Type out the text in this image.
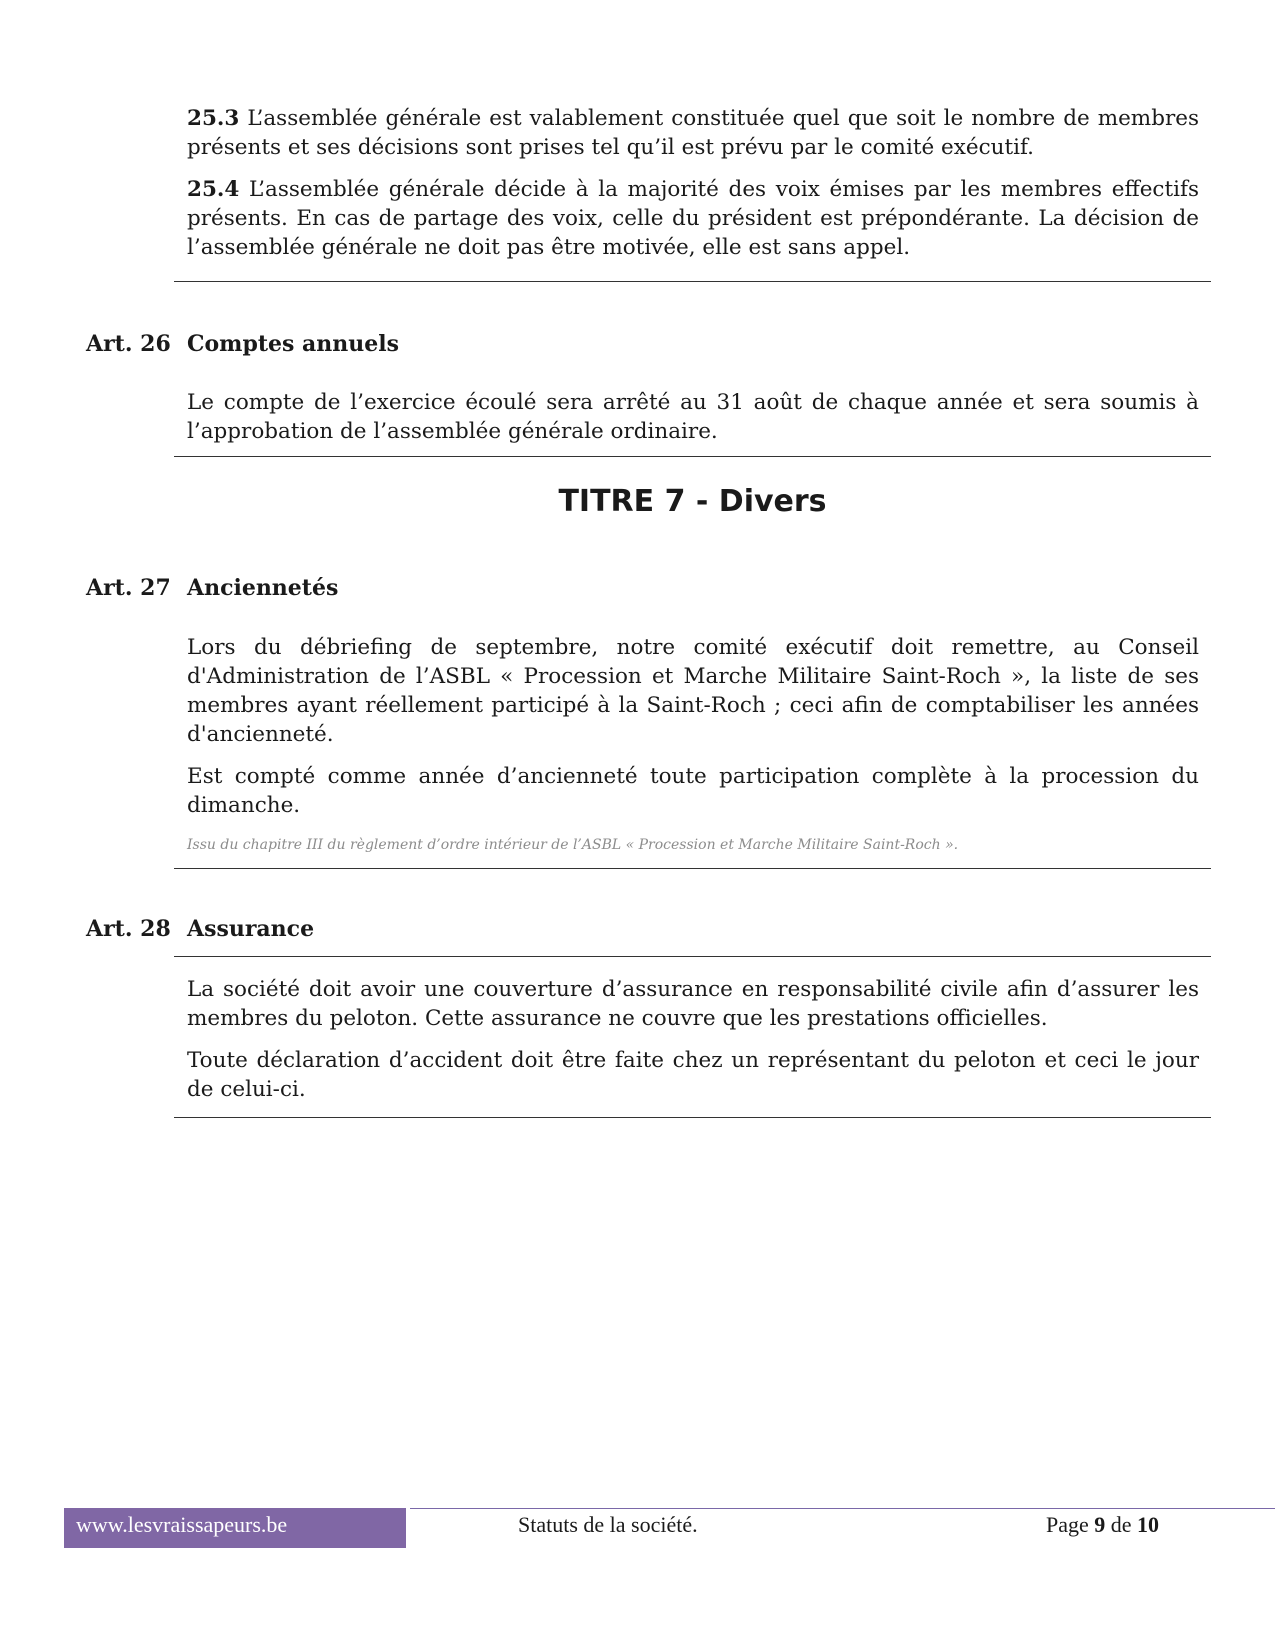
25.3 L’assemblée générale est valablement constituée quel que soit le nombre de membres présents et ses décisions sont prises tel qu’il est prévu par le comité exécutif.

25.4 L’assemblée générale décide à la majorité des voix émises par les membres effectifs présents. En cas de partage des voix, celle du président est prépondérante. La décision de l’assemblée générale ne doit pas être motivée, elle est sans appel.

Art. 26 Comptes annuels

Le compte de l’exercice écoulé sera arrêté au 31 août de chaque année et sera soumis à l’approbation de l’assemblée générale ordinaire.

TITRE 7 - Divers
Art. 27 Anciennetés

Lors du débriefing de septembre, notre comité exécutif doit remettre, au Conseil d'Administration de l’ASBL « Procession et Marche Militaire Saint-Roch », la liste de ses membres ayant réellement participé à la Saint-Roch ; ceci afin de comptabiliser les années d'ancienneté.

Est compté comme année d’ancienneté toute participation complète à la procession du dimanche.

Issu du chapitre III du règlement d’ordre intérieur de l’ASBL « Procession et Marche Militaire Saint-Roch ».
Art. 28 Assurance

La société doit avoir une couverture d’assurance en responsabilité civile afin d’assurer les membres du peloton. Cette assurance ne couvre que les prestations officielles.

Toute déclaration d’accident doit être faite chez un représentant du peloton et ceci le jour de celui-ci.

www.lesvraissapeurs.be	Statuts de la société.	Page 9 de 10
